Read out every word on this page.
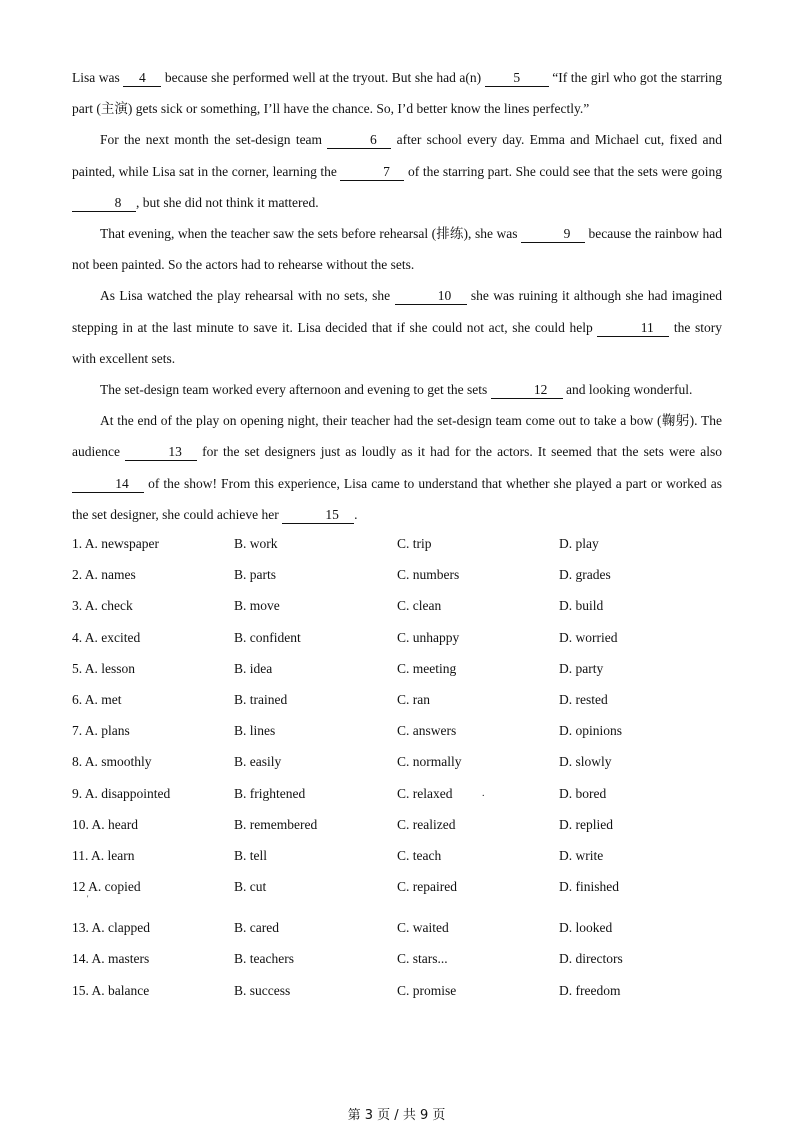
Lisa was 4 because she performed well at the tryout. But she had a(n) 5 “If the girl who got the starring part (主演) gets sick or something, I’ll have the chance. So, I’d better know the lines perfectly.”

For the next month the set-design team	6 after school every day. Emma and Michael cut, fixed and painted, while Lisa sat in the corner, learning the	7 of the starring part. She could see that the sets were going 8 , but she did not think it mattered.

That evening, when the teacher saw the sets before rehearsal (排练), she was	9 because the rainbow had not been painted. So the actors had to rehearse without the sets.

As Lisa watched the play rehearsal with no sets, she	10 she was ruining it although she had imagined stepping in at the last minute to save it. Lisa decided that if she could not act, she could help	11 the story with excellent sets.

The set-design team worked every afternoon and evening to get the sets	12 and looking wonderful.

At the end of the play on opening night, their teacher had the set-design team come out to take a bow (鞠躬). The audience	13 for the set designers just as loudly as it had for the actors. It seemed that the sets were also 14 of the show! From this experience, Lisa came to understand that whether she played a part or worked as the set designer, she could achieve her	15 .

1. A. newspaper	B. work	C. trip	D. play
2. A. names	B. parts	C. numbers	D. grades
3. A. check	B. move	C. clean	D. build
4. A. excited	B. confident	C. unhappy	D. worried
5. A. lesson	B. idea	C. meeting	D. party
6. A. met	B. trained	C. ran	D. rested
7. A. plans	B. lines	C. answers	D. opinions
8. A. smoothly	B. easily	C. normally	D. slowly
9. A. disappointed	B. frightened	C. relaxed	D. bored
.
10. A. heard	B. remembered	C. realized	D. replied
11. A. learn	B. tell	C. teach	D. write
12 A. copied	B. cut	C. repaired	D. finished
'
13. A. clapped	B. cared	C. waited	D. looked
14. A. masters	B. teachers	C. stars...	D. directors
15. A. balance	B. success	C. promise	D. freedom
第 3 页 / 共 9 页
